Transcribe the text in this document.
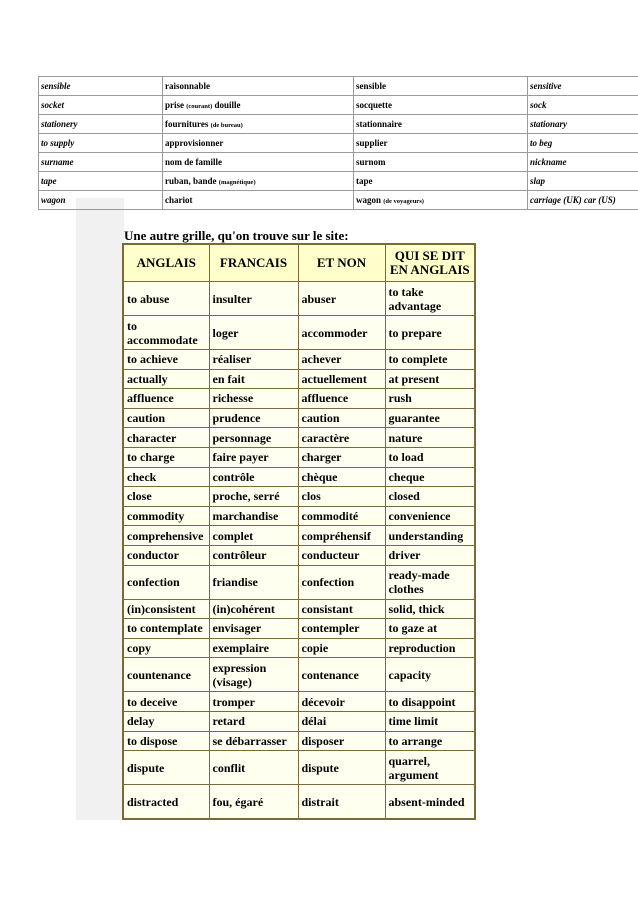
sensible	raisonnable	sensible	sensitive
socket	prise (courant) douille	socquette	sock
stationery	fournitures (de bureau)	stationnaire	stationary
to supply	approvisionner	supplier	to beg
surname	nom de famille	surnom	nickname
tape	ruban, bande (magnétique)	tape	slap
wagon	chariot	wagon (de voyageurs)	carriage (UK) car (US)
Une autre grille, qu'on trouve sur le site:
ANGLAIS	FRANCAIS	ET NON	QUI SE DIT EN ANGLAIS
to abuse	insulter	abuser	to take advantage
to accommodate	loger	accommoder	to prepare
to achieve	réaliser	achever	to complete
actually	en fait	actuellement	at present
affluence	richesse	affluence	rush
caution	prudence	caution	guarantee
character	personnage	caractère	nature
to charge	faire payer	charger	to load
check	contrôle	chèque	cheque
close	proche, serré	clos	closed
commodity	marchandise	commodité	convenience
comprehensive	complet	compréhensif	understanding
conductor	contrôleur	conducteur	driver
confection	friandise	confection	ready-made clothes
(in)consistent	(in)cohérent	consistant	solid, thick
to contemplate	envisager	contempler	to gaze at
copy	exemplaire	copie	reproduction
countenance	expression (visage)	contenance	capacity
to deceive	tromper	décevoir	to disappoint
delay	retard	délai	time limit
to dispose	se débarrasser	disposer	to arrange
dispute	conflit	dispute	quarrel, argument
distracted	fou, égaré	distrait	absent-minded
